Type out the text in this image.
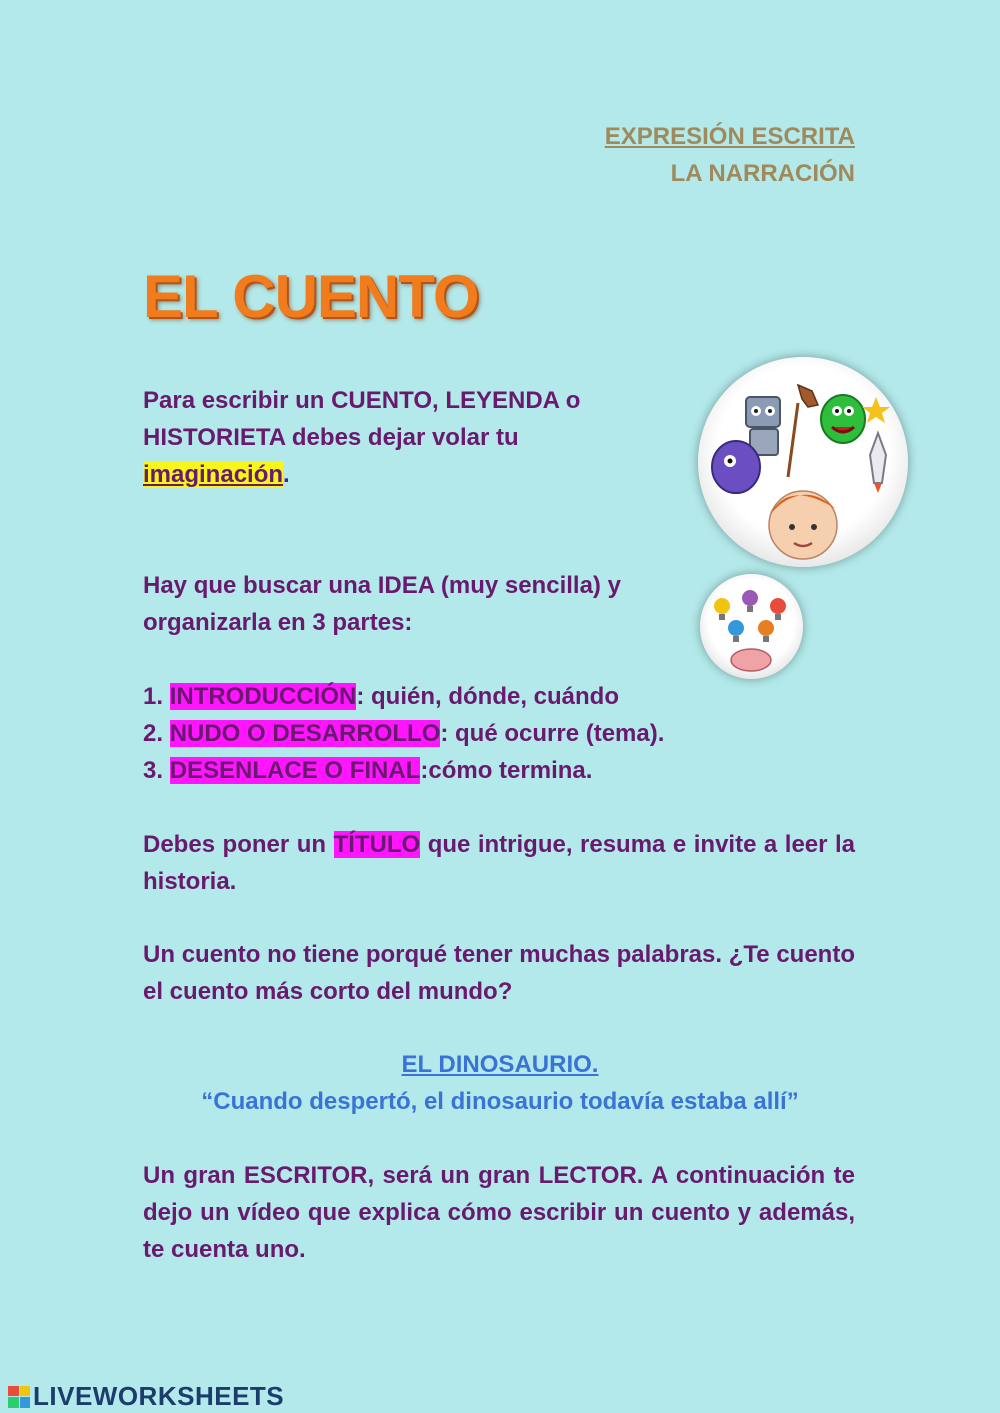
EXPRESIÓN ESCRITA
LA NARRACIÓN
EL CUENTO
Para escribir un CUENTO, LEYENDA o
HISTORIETA debes dejar volar tu
imaginación.
Hay que buscar una IDEA (muy sencilla) y
organizarla en 3 partes:
1. INTRODUCCIÓN: quién, dónde, cuándo
2. NUDO O DESARROLLO: qué ocurre (tema).
3. DESENLACE O FINAL:cómo termina.
Debes poner un TÍTULO que intrigue, resuma e invite a leer la historia.
Un cuento no tiene porqué tener muchas palabras. ¿Te cuento el cuento más corto del mundo?
EL DINOSAURIO.
“Cuando despertó, el dinosaurio todavía estaba allí”
Un gran ESCRITOR, será un gran LECTOR. A continuación te dejo un vídeo que explica cómo escribir un cuento y además, te cuenta uno.
LIVEWORKSHEETS
